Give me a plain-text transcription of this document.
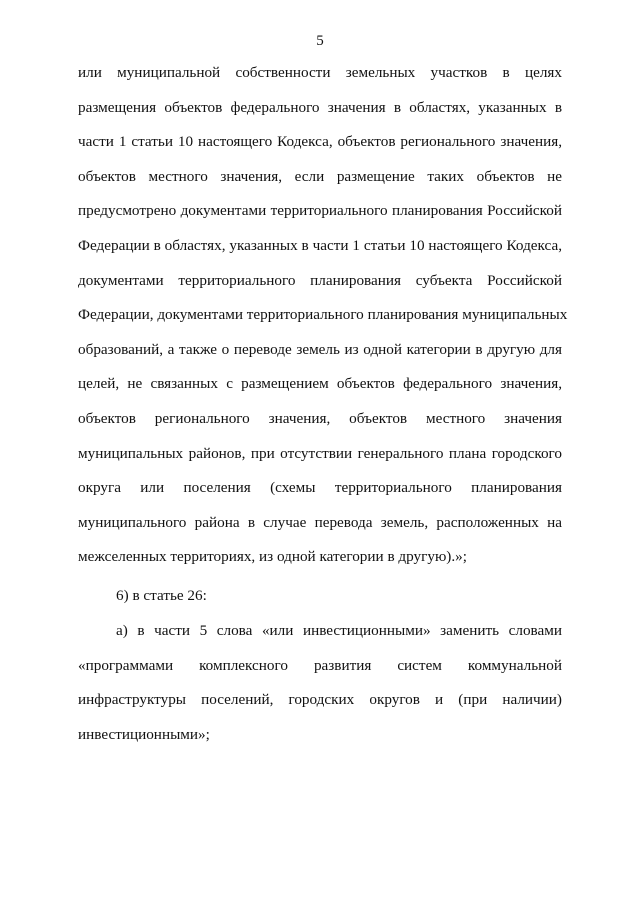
5
или муниципальной собственности земельных участков в целях
размещения объектов федерального значения в областях, указанных в
части 1 статьи 10 настоящего Кодекса, объектов регионального значения,
объектов местного значения, если размещение таких объектов не
предусмотрено документами территориального планирования Российской
Федерации в областях, указанных в части 1 статьи 10 настоящего Кодекса,
документами территориального планирования субъекта Российской
Федерации, документами территориального планирования муниципальных
образований, а также о переводе земель из одной категории в другую для
целей, не связанных с размещением объектов федерального значения,
объектов регионального значения, объектов местного значения
муниципальных районов, при отсутствии генерального плана городского
округа или поселения (схемы территориального планирования
муниципального района в случае перевода земель, расположенных на
межселенных территориях, из одной категории в другую).»;
6) в статье 26:
а) в части 5 слова «или инвестиционными» заменить словами
«программами комплексного развития систем коммунальной
инфраструктуры поселений, городских округов и (при наличии)
инвестиционными»;
